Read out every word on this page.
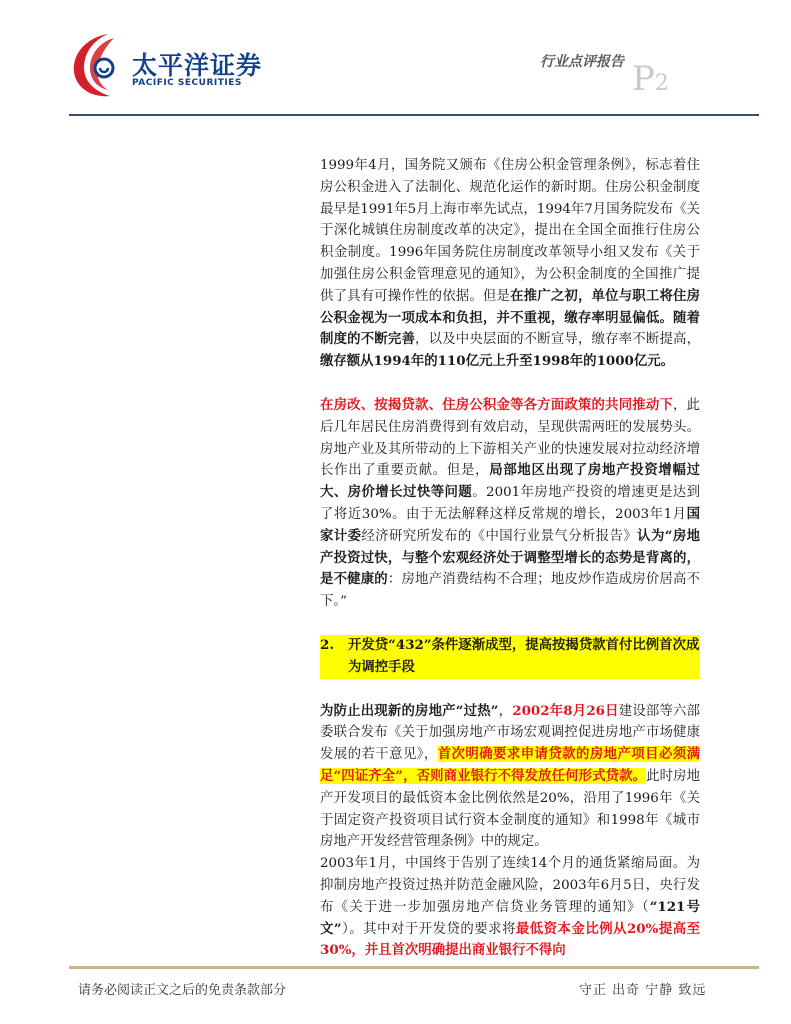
太平洋证券
PACIFIC SECURITIES
行业点评报告 P2

1999年4月，国务院又颁布《住房公积金管理条例》，标志着住房公积金进入了法制化、规范化运作的新时期。住房公积金制度最早是1991年5月上海市率先试点，1994年7月国务院发布《关于深化城镇住房制度改革的决定》，提出在全国全面推行住房公积金制度。1996年国务院住房制度改革领导小组又发布《关于加强住房公积金管理意见的通知》，为公积金制度的全国推广提供了具有可操作性的依据。但是在推广之初，单位与职工将住房公积金视为一项成本和负担，并不重视，缴存率明显偏低。随着制度的不断完善，以及中央层面的不断宣导，缴存率不断提高，缴存额从1994年的110亿元上升至1998年的1000亿元。

在房改、按揭贷款、住房公积金等各方面政策的共同推动下，此后几年居民住房消费得到有效启动，呈现供需两旺的发展势头。房地产业及其所带动的上下游相关产业的快速发展对拉动经济增长作出了重要贡献。但是，局部地区出现了房地产投资增幅过大、房价增长过快等问题。2001年房地产投资的增速更是达到了将近30%。由于无法解释这样反常规的增长，2003年1月国家计委经济研究所发布的《中国行业景气分析报告》认为“房地产投资过快，与整个宏观经济处于调整型增长的态势是背离的，是不健康的：房地产消费结构不合理；地皮炒作造成房价居高不下。”

2. 开发贷“432”条件逐渐成型，提高按揭贷款首付比例首次成
为调控手段

为防止出现新的房地产“过热”，2002年8月26日建设部等六部委联合发布《关于加强房地产市场宏观调控促进房地产市场健康发展的若干意见》，首次明确要求申请贷款的房地产项目必须满足“四证齐全”，否则商业银行不得发放任何形式贷款。此时房地产开发项目的最低资本金比例依然是20%，沿用了1996年《关于固定资产投资项目试行资本金制度的通知》和1998年《城市房地产开发经营管理条例》中的规定。

2003年1月，中国终于告别了连续14个月的通货紧缩局面。为抑制房地产投资过热并防范金融风险，2003年6月5日，央行发布《关于进一步加强房地产信贷业务管理的通知》（“121号文”）。其中对于开发贷的要求将最低资本金比例从20%提高至30%，并且首次明确提出商业银行不得向

请务必阅读正文之后的免责条款部分	守正 出奇 宁静 致远
